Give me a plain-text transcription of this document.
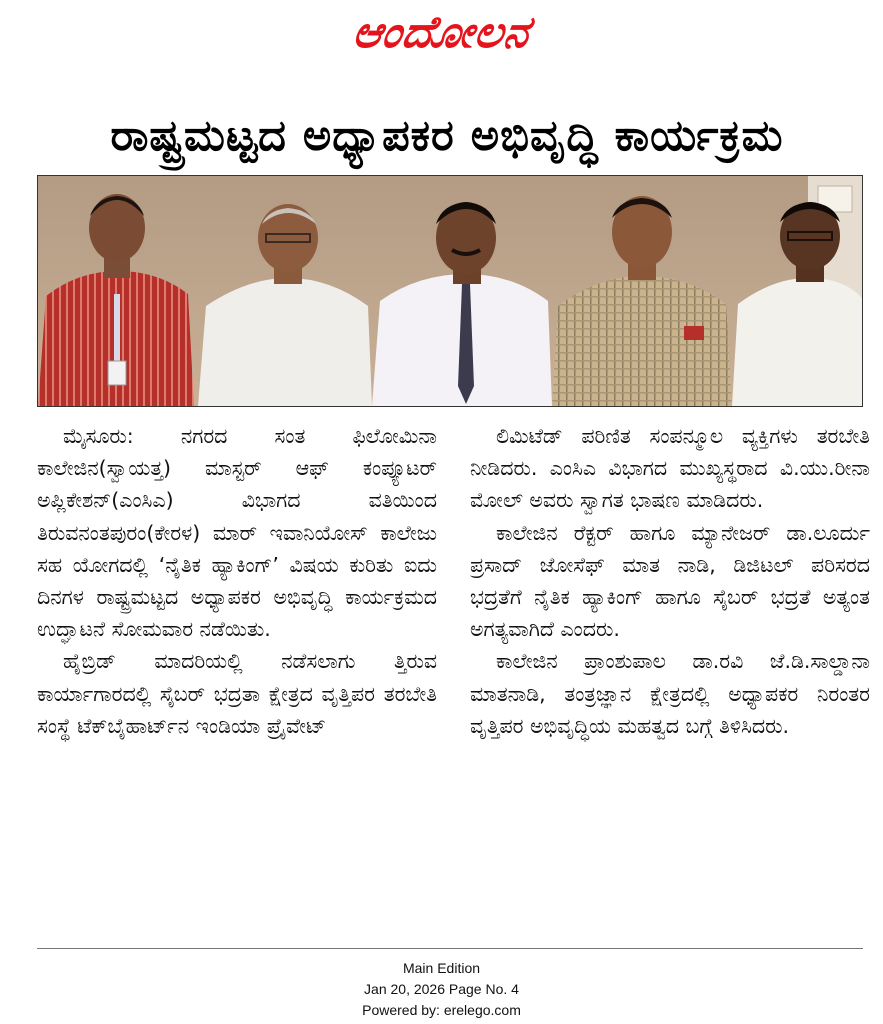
ಆಂದೋಲನ
ರಾಷ್ಟ್ರಮಟ್ಟದ ಅಧ್ಯಾಪಕರ ಅಭಿವೃದ್ಧಿ ಕಾರ್ಯಕ್ರಮ

ಮೈಸೂರು: ನಗರದ ಸಂತ ಫಿಲೋಮಿನಾ ಕಾಲೇಜಿನ(ಸ್ವಾಯತ್ತ) ಮಾಸ್ಟರ್ ಆಫ್ ಕಂಪ್ಯೂಟರ್ ಅಪ್ಲಿಕೇಶನ್(ಎಂಸಿಎ) ವಿಭಾಗದ ವತಿಯಿಂದ ತಿರುವನಂತಪುರಂ(ಕೇರಳ) ಮಾರ್ ಇವಾನಿಯೋಸ್ ಕಾಲೇಜು ಸಹ ಯೋಗದಲ್ಲಿ ‘ನೈತಿಕ ಹ್ಯಾಕಿಂಗ್’ ವಿಷಯ ಕುರಿತು ಐದು ದಿನಗಳ ರಾಷ್ಟ್ರಮಟ್ಟದ ಅಧ್ಯಾಪಕರ ಅಭಿವೃದ್ಧಿ ಕಾರ್ಯಕ್ರಮದ ಉದ್ಘಾಟನೆ ಸೋಮವಾರ ನಡೆಯಿತು.

ಹೈಬ್ರಿಡ್ ಮಾದರಿಯಲ್ಲಿ ನಡೆಸಲಾಗು ತ್ತಿರುವ ಕಾರ್ಯಾಗಾರದಲ್ಲಿ ಸೈಬರ್ ಭದ್ರತಾ ಕ್ಷೇತ್ರದ ವೃತ್ತಿಪರ ತರಬೇತಿ ಸಂಸ್ಥೆ ಟೆಕ್‌ಬೈಹಾರ್ಟ್‌ನ ಇಂಡಿಯಾ ಪ್ರೈವೇಟ್

ಲಿಮಿಟೆಡ್ ಪರಿಣಿತ ಸಂಪನ್ಮೂಲ ವ್ಯಕ್ತಿಗಳು ತರಬೇತಿ ನೀಡಿದರು. ಎಂಸಿಎ ವಿಭಾಗದ ಮುಖ್ಯಸ್ಥರಾದ ವಿ.ಯು.ರೀನಾ ಮೋಲ್ ಅವರು ಸ್ವಾಗತ ಭಾಷಣ ಮಾಡಿದರು.

ಕಾಲೇಜಿನ ರೆಕ್ಟರ್ ಹಾಗೂ ಮ್ಯಾನೇಜರ್ ಡಾ.ಲೂರ್ದು ಪ್ರಸಾದ್ ಜೋಸೆಫ್ ಮಾತ ನಾಡಿ, ಡಿಜಿಟಲ್ ಪರಿಸರದ ಭದ್ರತೆಗೆ ನೈತಿಕ ಹ್ಯಾಕಿಂಗ್ ಹಾಗೂ ಸೈಬರ್ ಭದ್ರತೆ ಅತ್ಯಂತ ಅಗತ್ಯವಾಗಿದೆ ಎಂದರು.

ಕಾಲೇಜಿನ ಪ್ರಾಂಶುಪಾಲ ಡಾ.ರವಿ ಜೆ.ಡಿ.ಸಾಲ್ಡಾನಾ ಮಾತನಾಡಿ, ತಂತ್ರಜ್ಞಾನ ಕ್ಷೇತ್ರದಲ್ಲಿ ಅಧ್ಯಾಪಕರ ನಿರಂತರ ವೃತ್ತಿಪರ ಅಭಿವೃದ್ಧಿಯ ಮಹತ್ವದ ಬಗ್ಗೆ ತಿಳಿಸಿದರು.

Main Edition
Jan 20, 2026 Page No. 4
Powered by: erelego.com
